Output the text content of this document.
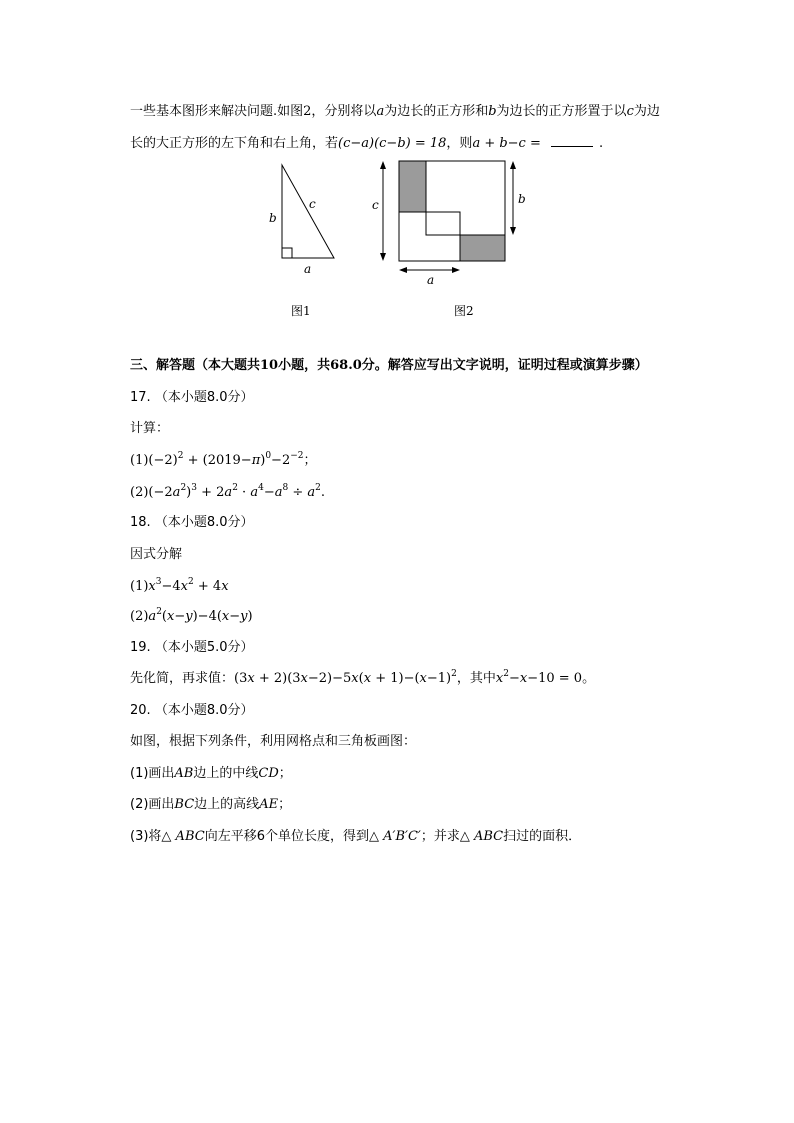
一些基本图形来解决问题.如图2，分别将以a为边长的正方形和b为边长的正方形置于以c为边
长的大正方形的左下角和右上角，若(c−a)(c−b) = 18，则a + b−c =	.
b
c
a
图1
c	b
a
图2
三、解答题（本大题共10小题，共68.0分。解答应写出文字说明，证明过程或演算步骤）
17. （本小题8.0分）
计算：
$(1)(-2)^2 + (2019-\pi)^0-2^{-2}$；
$(2)(-2a^2)^3 + 2a^2 \cdot a^4-a^8 \div a^2$.
18. （本小题8.0分）
因式分解
$(1)x^3-4x^2 + 4x$
$(2)a^2(x-y)-4(x-y)$
19. （本小题5.0分）
先化简，再求值：$(3x + 2)(3x-2)-5x(x + 1)-(x-1)^2$，其中$x^2-x-10 = 0$。
20. （本小题8.0分）
如图，根据下列条件，利用网格点和三角板画图：
(1)画出AB边上的中线CD；
(2)画出BC边上的高线AE；
(3)将△ ABC向左平移6个单位长度，得到△ A′B′C′；并求△ ABC扫过的面积．
